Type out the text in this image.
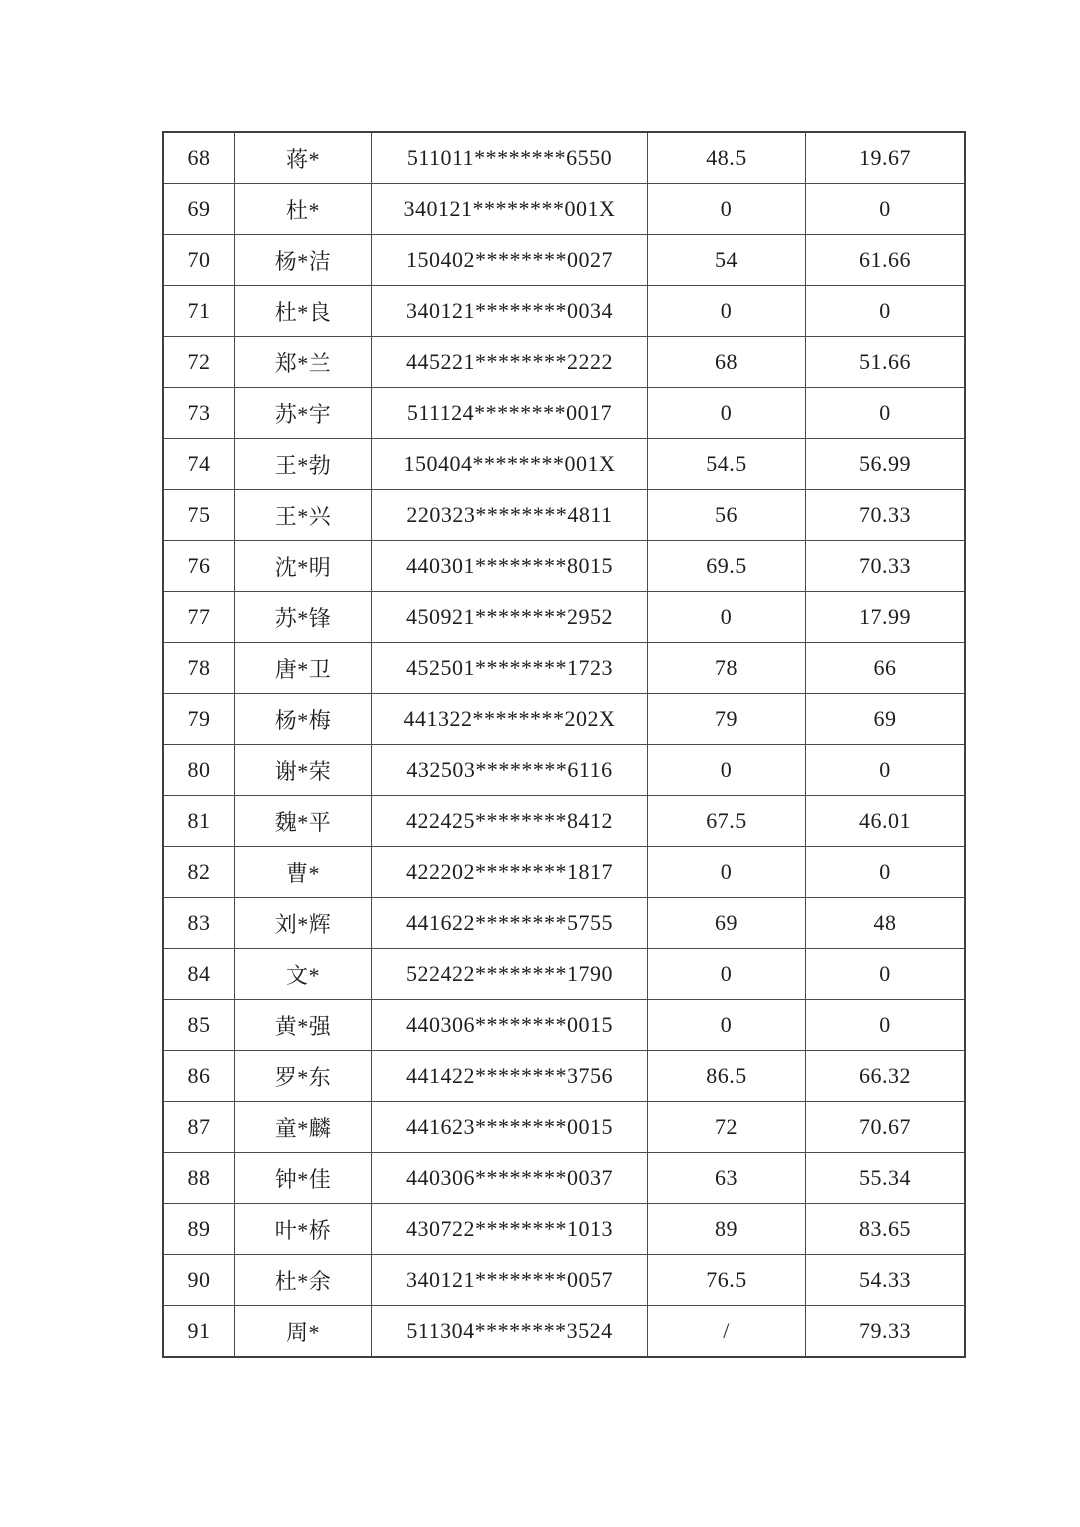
68	蒋*	511011********6550	48.5	19.67
69	杜*	340121********001X	0	0
70	杨*洁	150402********0027	54	61.66
71	杜*良	340121********0034	0	0
72	郑*兰	445221********2222	68	51.66
73	苏*宇	511124********0017	0	0
74	王*勃	150404********001X	54.5	56.99
75	王*兴	220323********4811	56	70.33
76	沈*明	440301********8015	69.5	70.33
77	苏*锋	450921********2952	0	17.99
78	唐*卫	452501********1723	78	66
79	杨*梅	441322********202X	79	69
80	谢*荣	432503********6116	0	0
81	魏*平	422425********8412	67.5	46.01
82	曹*	422202********1817	0	0
83	刘*辉	441622********5755	69	48
84	文*	522422********1790	0	0
85	黄*强	440306********0015	0	0
86	罗*东	441422********3756	86.5	66.32
87	童*麟	441623********0015	72	70.67
88	钟*佳	440306********0037	63	55.34
89	叶*桥	430722********1013	89	83.65
90	杜*余	340121********0057	76.5	54.33
91	周*	511304********3524	/	79.33
